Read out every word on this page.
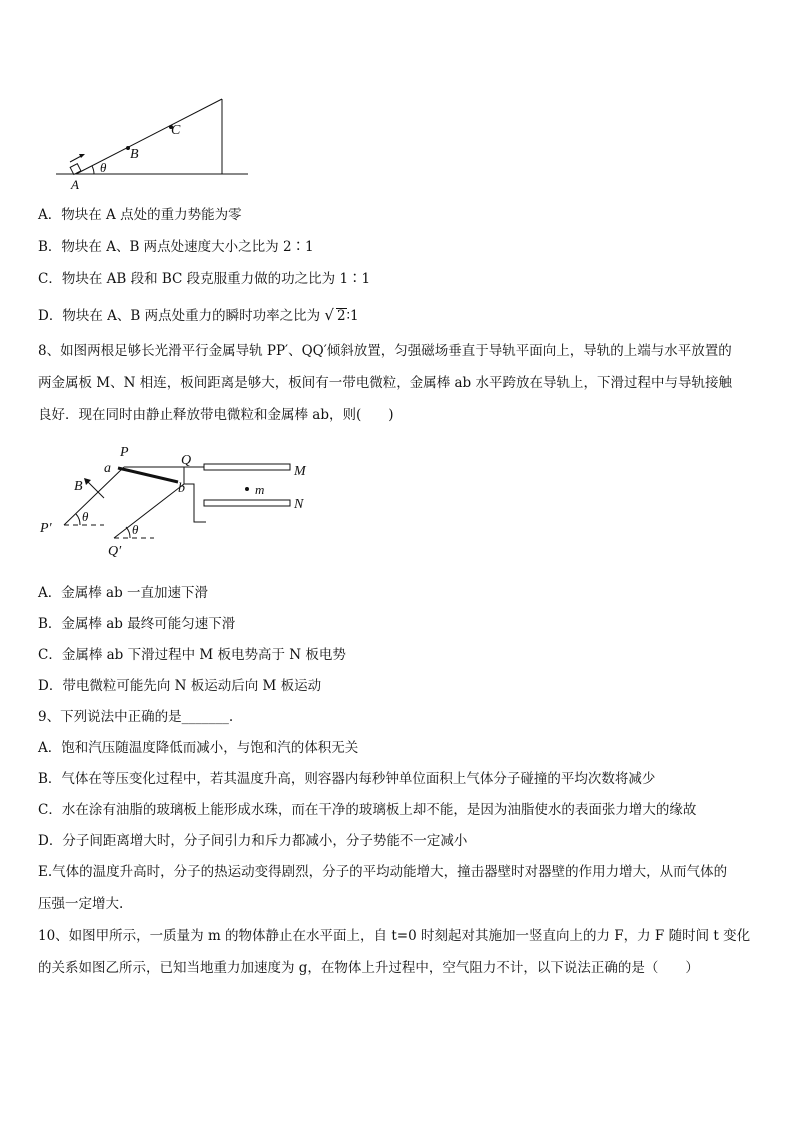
A
B
C
θ
A．物块在 A 点处的重力势能为零
B．物块在 A、B 两点处速度大小之比为 2∶1
C．物块在 AB 段和 BC 段克服重力做的功之比为 1∶1
D．物块在 A、B 两点处重力的瞬时功率之比为 √ 2∶1
8、如图两根足够长光滑平行金属导轨 PP′、QQ′倾斜放置，匀强磁场垂直于导轨平面向上，导轨的上端与水平放置的
两金属板 M、N 相连，板间距离是够大，板间有一带电微粒，金属棒 ab 水平跨放在导轨上，下滑过程中与导轨接触
良好．现在同时由静止释放带电微粒和金属棒 ab，则(　　)
P
Q
a
b
B
P′
Q′
θ
θ
M
N
m
A．金属棒 ab 一直加速下滑
B．金属棒 ab 最终可能匀速下滑
C．金属棒 ab 下滑过程中 M 板电势高于 N 板电势
D．带电微粒可能先向 N 板运动后向 M 板运动
9、下列说法中正确的是_______.
A．饱和汽压随温度降低而减小，与饱和汽的体积无关
B．气体在等压变化过程中，若其温度升高，则容器内每秒钟单位面积上气体分子碰撞的平均次数将减少
C．水在涂有油脂的玻璃板上能形成水珠，而在干净的玻璃板上却不能，是因为油脂使水的表面张力增大的缘故
D．分子间距离增大时，分子间引力和斥力都减小，分子势能不一定减小
E.气体的温度升高时，分子的热运动变得剧烈，分子的平均动能增大，撞击器壁时对器壁的作用力增大，从而气体的
压强一定增大.
10、如图甲所示，一质量为 m 的物体静止在水平面上，自 t=0 时刻起对其施加一竖直向上的力 F，力 F 随时间 t 变化
的关系如图乙所示，已知当地重力加速度为 g，在物体上升过程中，空气阻力不计，以下说法正确的是（　　）
